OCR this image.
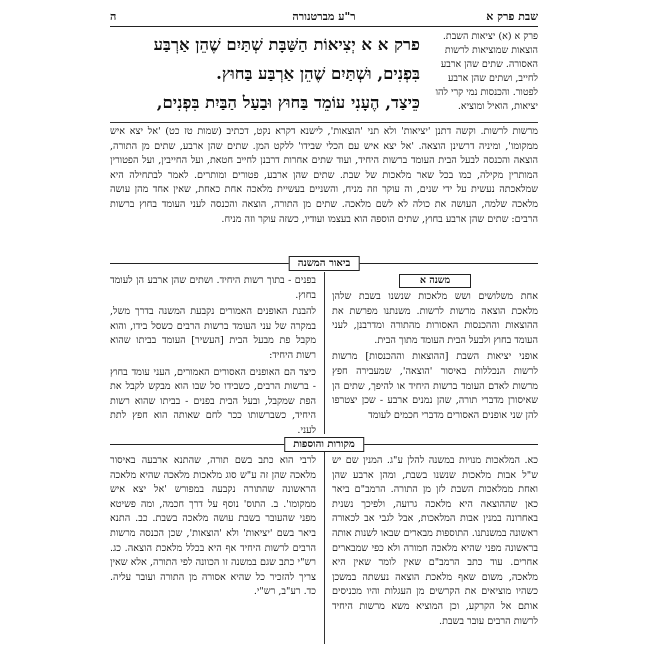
שבת פרק א
ר"ע מברטנורה
ה
פרק א (א) יציאות השבת. הוצאות שמוציאות לרשות האסורה. שתים שהן ארבע לחייב, ושתים שהן ארבע לפטור. והכנסות נמי קרי להו יציאות, הואיל ומוציא.
פרק א א יְצִיאוֹת הַשַּׁבָּת שְׁתַּיִם שֶׁהֵן אַרְבַּע
בִּפְנִים, וּשְׁתַּיִם שֶׁהֵן אַרְבַּע בַּחוּץ.
כֵּיצַד, הֶעָנִי עוֹמֵד בַּחוּץ וּבַעַל הַבַּיִת בִּפְנִים,
מרשות לרשות. וקשה דתנן 'יציאות' ולא תני 'הוצאות', לישנא דקרא נקט, דכתיב (שמות טז כט) 'אל יצא איש ממקומו', ומיניה דרשינן הוצאה. 'אל יצא איש עם הכלי שבידו' ללקט המן. שתים שהן ארבע, שתים מן התורה, הוצאה והכנסה לבעל הבית העומד ברשות היחיד, ועוד שתים אחרות דרבנן לחייב חטאת, ועל החייבין, ועל הפטורין המותרין מקילה, כמו בכל שאר מלאכות של שבת. שתים שהן ארבע, פטורים ומותרים. לאמר לבתחילה היא שמלאכתה נעשית על ידי שנים, וה עוקר וזה מניח, והשניים בעשיית מלאכה אחת כאחת, שאין אחד מהן עושה מלאכה שלמה, העושה את כולה לא לשם מלאכה. שתים מן התורה, הוצאה והכנסה לעני העומד בחוץ ברשות הרבים: שתים שהן ארבע בחוץ, שתים הוספה הוא בעצמו ועודיו, כשזה עוקר וזה מניח.
ביאור המשנה
משנה א

אחת משלושים ושש מלאכות שנשנו בשבת שלהן מלאכת הוצאה מרשות לרשות. משנתנו מפרשת את ההוצאות וההכנסות האסורות מהתורה ומדרבנן, לעני העומד בחוץ ולבעל הבית העומד מתוך הבית.

אופני יציאות השבת [ההוצאות וההכנסות] מרשות לרשות הנכללות באיסור 'הוצאה', שמעבירה חפץ מרשות לאדם העומד ברשות היחיד או להיפך, שתים הן שאיסורן מדברי תורה, שהן נמנים ארבע - שכן יצטרפו להן שני אופנים האסורים מדברי חכמים לעומד

בפנים - בתוך רשות היחיד. ושתים שהן ארבע הן לעומד בחוץ.

להבנת האופנים האמורים נקבעת המשנה בדרך משל, במקרה של עני העומד ברשות הרבים כשסל בידו, והוא מקבל פת מבעל הבית [העשיר] העומד בביתו שהוא רשות היחיד:

כיצד הם האופנים האסורים האמורים, העני עומד בחוץ - ברשות הרבים, כשבידו סל שבו הוא מבקש לקבל את הפת שמקבל, ובעל הבית בפנים - בביתו שהוא רשות היחיד, כשברשותו ככר לחם שאותה הוא חפץ לתת לעני.

מקורות והוספות
כא. המלאכות מנויות במשנה להלן ע"ג. המנין שם יש ש"ל אבות מלאכות שנשנו בשבת, ומהן ארבע שהן ואחת ממלאכות השבת לזן מן התורה. הרמב"ם ביאר כאן שההוצאה היא מלאכה גרועה, ולפיכך נשנית באחרונה במנין אבות המלאכות, אבל לגבי אב לכאורה ראשונה במשנתנו. התוספות מבארים שבאו לשנות אותה בראשונה מפני שהיא מלאכה חמורה ולא כפי שמבארים אחרים. עוד כתב הרמב"ם שאין לומר שאין היא מלאכה, משום שאף מלאכת הוצאה נעשתה במשכן כשהיו מוציאים את הקרשים מן העגלות והיו מכניסים אותם אל הקרקע, וכן המוציא משא מרשות היחיד לרשות הרבים עובר בשבת.
לרבי הוא כתב בשם תורה, שהתנא ארבעה באיסור מלאכה שהן זה ע"ש סוג מלאכות מלאכה שהיא מלאכה הראשונה שהתורה נקבעה במפורש 'אל יצא איש ממקומו'. ב. התוס' נוסף על דרך חכמה, ומה פשיטא מפני שהעובר בשבת עושה מלאכה בשבת. כב. התנא ביאר בשם 'יציאות' ולא 'הוצאות', שכן הכנסה מרשות הרבים לרשות היחיד אף היא בכלל מלאכת הוצאה. כג. רש"י כתב שגם במשנה זו הכוונה לפי התורה, אלא שאין צריך להזכיר כל שהיא אסורה מן התורה ועובר עליה. כד. רע"ב, רש"י.
